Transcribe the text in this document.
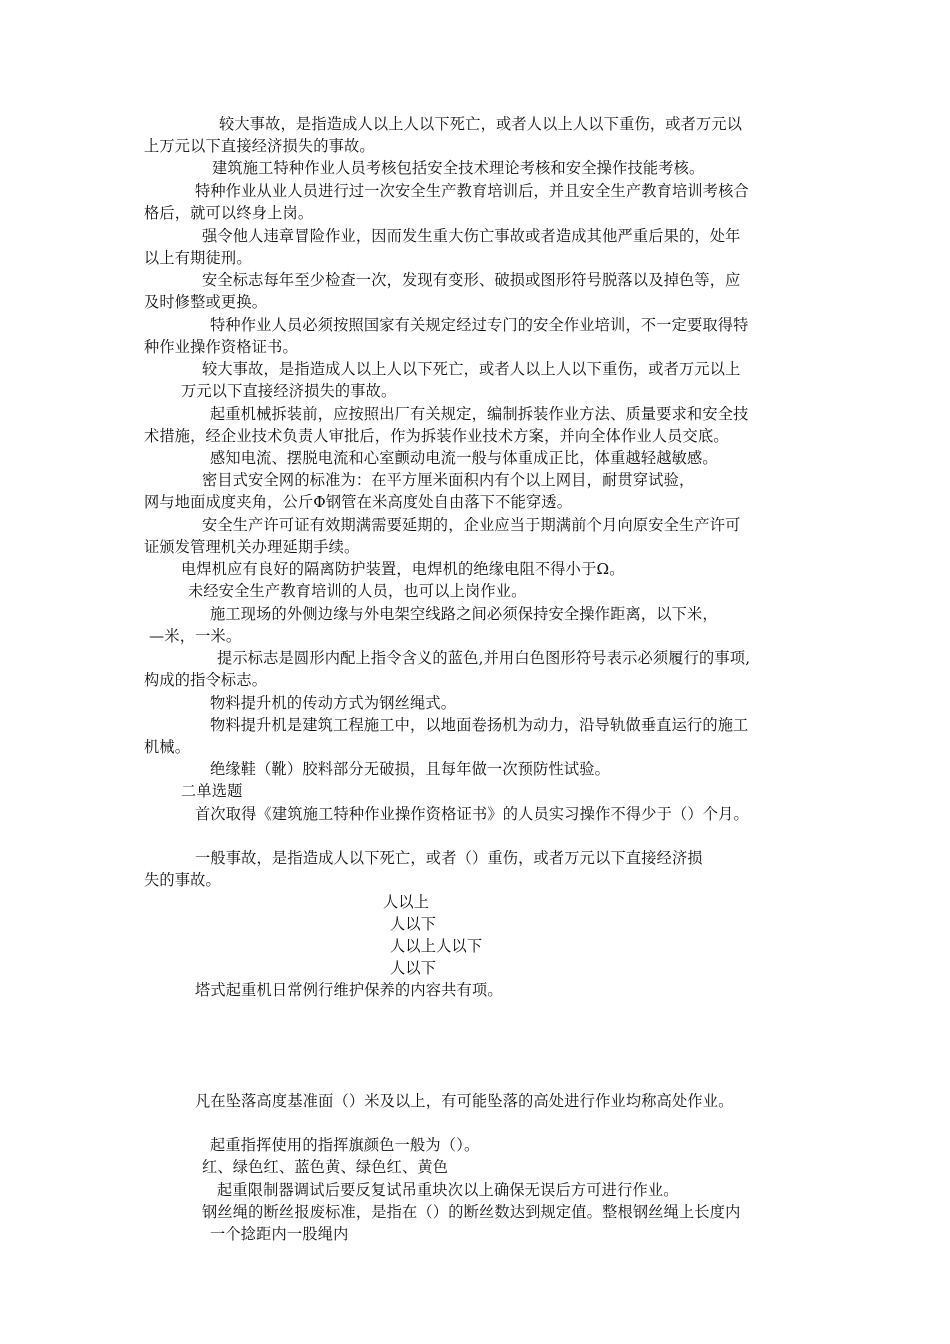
较大事故，是指造成人以上人以下死亡，或者人以上人以下重伤，或者万元以
上万元以下直接经济损失的事故。
建筑施工特种作业人员考核包括安全技术理论考核和安全操作技能考核。
特种作业从业人员进行过一次安全生产教育培训后，并且安全生产教育培训考核合
格后，就可以终身上岗。
强令他人违章冒险作业，因而发生重大伤亡事故或者造成其他严重后果的，处年
以上有期徒刑。
安全标志每年至少检查一次，发现有变形、破损或图形符号脱落以及掉色等，应
及时修整或更换。
特种作业人员必须按照国家有关规定经过专门的安全作业培训，不一定要取得特
种作业操作资格证书。
较大事故，是指造成人以上人以下死亡，或者人以上人以下重伤，或者万元以上
万元以下直接经济损失的事故。
起重机械拆装前，应按照出厂有关规定，编制拆装作业方法、质量要求和安全技
术措施，经企业技术负责人审批后，作为拆装作业技术方案，并向全体作业人员交底。
感知电流、摆脱电流和心室颤动电流一般与体重成正比，体重越轻越敏感。
密目式安全网的标准为：在平方厘米面积内有个以上网目，耐贯穿试验，
网与地面成度夹角，公斤Φ钢管在米高度处自由落下不能穿透。
安全生产许可证有效期满需要延期的，企业应当于期满前个月向原安全生产许可
证颁发管理机关办理延期手续。
电焊机应有良好的隔离防护装置，电焊机的绝缘电阻不得小于Ω。
未经安全生产教育培训的人员，也可以上岗作业。
施工现场的外侧边缘与外电架空线路之间必须保持安全操作距离，以下米，
—米，一米。
提示标志是圆形内配上指令含义的蓝色,并用白色图形符号表示必须履行的事项,
构成的指令标志。
物料提升机的传动方式为钢丝绳式。
物料提升机是建筑工程施工中，以地面卷扬机为动力，沿导轨做垂直运行的施工
机械。
绝缘鞋（靴）胶料部分无破损，且每年做一次预防性试验。
二单选题
首次取得《建筑施工特种作业操作资格证书》的人员实习操作不得少于（）个月。
一般事故，是指造成人以下死亡，或者（）重伤，或者万元以下直接经济损
失的事故。
人以上
人以下
人以上人以下
人以下
塔式起重机日常例行维护保养的内容共有项。
凡在坠落高度基准面（）米及以上，有可能坠落的高处进行作业均称高处作业。
起重指挥使用的指挥旗颜色一般为（）。
红、绿色红、蓝色黄、绿色红、黄色
起重限制器调试后要反复试吊重块次以上确保无误后方可进行作业。
钢丝绳的断丝报废标准，是指在（）的断丝数达到规定值。整根钢丝绳上长度内
一个捻距内一股绳内
